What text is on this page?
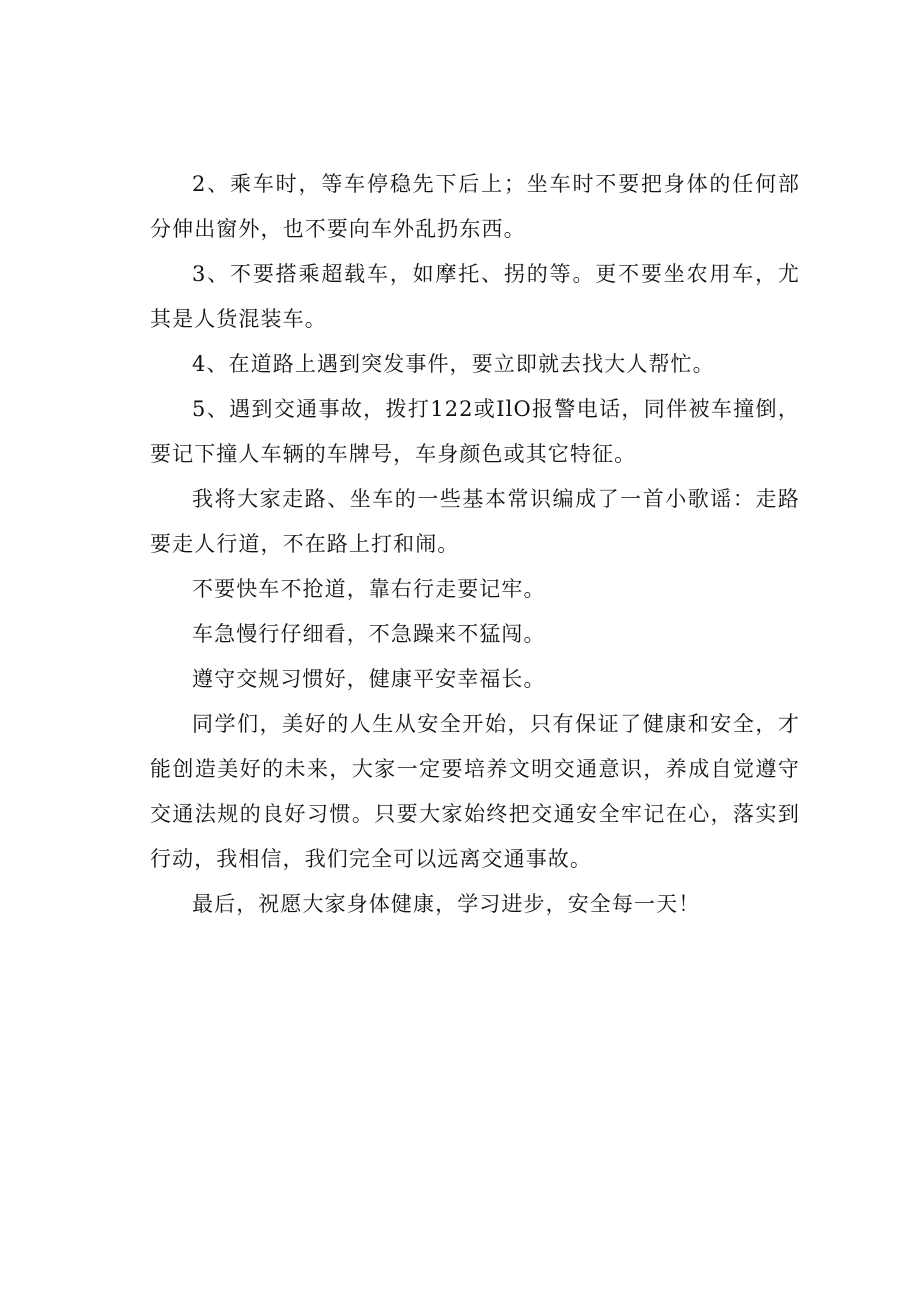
2、乘车时，等车停稳先下后上；坐车时不要把身体的任何部分伸出窗外，也不要向车外乱扔东西。

3、不要搭乘超载车，如摩托、拐的等。更不要坐农用车，尤其是人货混装车。

4、在道路上遇到突发事件，要立即就去找大人帮忙。

5、遇到交通事故，拨打122或IlO报警电话，同伴被车撞倒，要记下撞人车辆的车牌号，车身颜色或其它特征。

我将大家走路、坐车的一些基本常识编成了一首小歌谣：走路要走人行道，不在路上打和闹。

不要快车不抢道，靠右行走要记牢。

车急慢行仔细看，不急躁来不猛闯。

遵守交规习惯好，健康平安幸福长。

同学们，美好的人生从安全开始，只有保证了健康和安全，才能创造美好的未来，大家一定要培养文明交通意识，养成自觉遵守交通法规的良好习惯。只要大家始终把交通安全牢记在心，落实到行动，我相信，我们完全可以远离交通事故。

最后，祝愿大家身体健康，学习进步，安全每一天！
